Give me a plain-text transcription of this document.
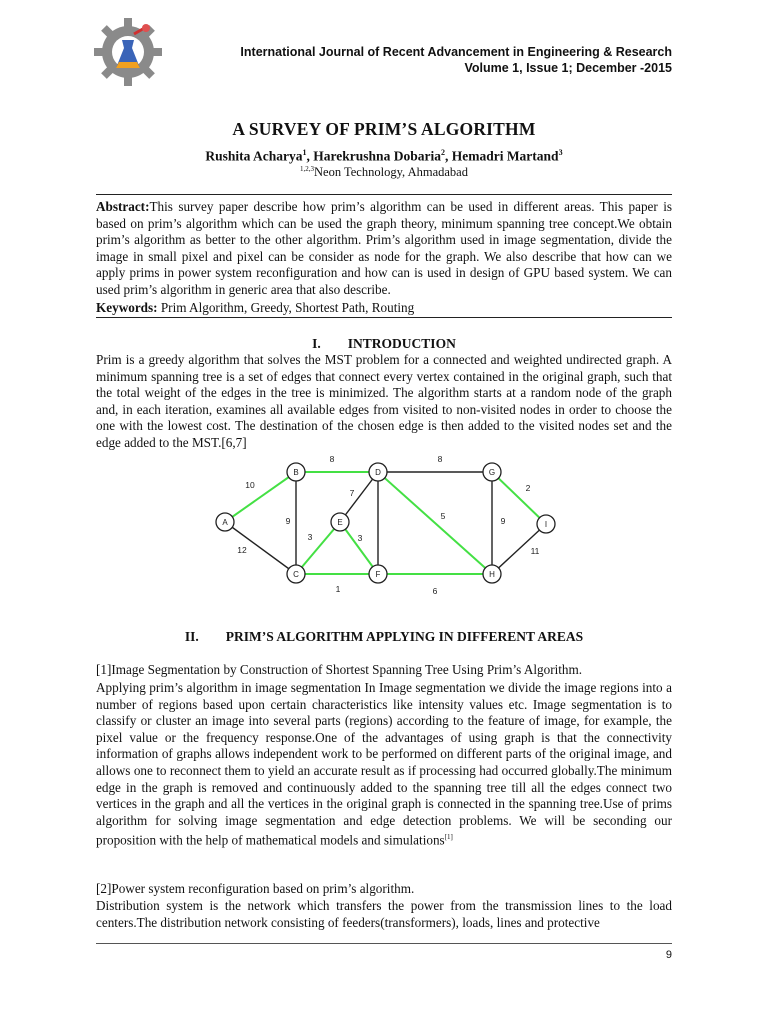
International Journal of Recent Advancement in Engineering & Research
Volume 1, Issue 1; December -2015
A SURVEY OF PRIM’S ALGORITHM
Rushita Acharya$^1$, Harekrushna Dobaria$^2$, Hemadri Martand$^3$
$^{1,2,3}$Neon Technology, Ahmadabad
Abstract:This survey paper describe how prim’s algorithm can be used in different areas. This paper is based on prim’s algorithm which can be used the graph theory, minimum spanning tree concept.We obtain prim’s algorithm as better to the other algorithm. Prim’s algorithm used in image segmentation, divide the image in small pixel and pixel can be consider as node for the graph. We also describe that how can we apply prims in power system reconfiguration and how can is used in design of GPU based system. We can used prim’s algorithm in generic area that also describe.
Keywords: Prim Algorithm, Greedy, Shortest Path, Routing
I.        INTRODUCTION
Prim is a greedy algorithm that solves the MST problem for a connected and weighted undirected graph. A minimum spanning tree is a set of edges that connect every vertex contained in the original graph, such that the total weight of the edges in the tree is minimized. The algorithm starts at a random node of the graph and, in each iteration, examines all available edges from visited to non-visited nodes in order to choose the one with the lowest cost. The destination of the chosen edge is then added to the visited nodes set and the edge added to the MST.[6,7]
10
12
9
8
3
1
7
8
5
3
6
9
2
11
A
B
C
D
E
F
G
H
I
II.        PRIM’S ALGORITHM APPLYING IN DIFFERENT AREAS
[1]Image Segmentation by Construction of Shortest Spanning Tree Using Prim’s Algorithm.
Applying prim’s algorithm in image segmentation In Image segmentation we divide the image regions into a number of regions based upon certain characteristics like intensity values etc. Image segmentation is to classify or cluster an image into several parts (regions) according to the feature of image, for example, the pixel value or the frequency response.One of the advantages of using graph is that the connectivity information of graphs allows independent work to be performed on different parts of the original image, and allows one to reconnect them to yield an accurate result as if processing had occurred globally.The minimum edge in the graph is removed and continuously added to the spanning tree till all the edges connect two vertices in the graph and all the vertices in the original graph is connected in the spanning tree.Use of prims algorithm for solving image segmentation and edge detection problems. We will be seconding our proposition with the help of mathematical models and simulations[1]
[2]Power system reconfiguration based on prim’s algorithm.
Distribution system is the network which transfers the power from the transmission lines to the load centers.The distribution network consisting of feeders(transformers), loads, lines and protective
9
